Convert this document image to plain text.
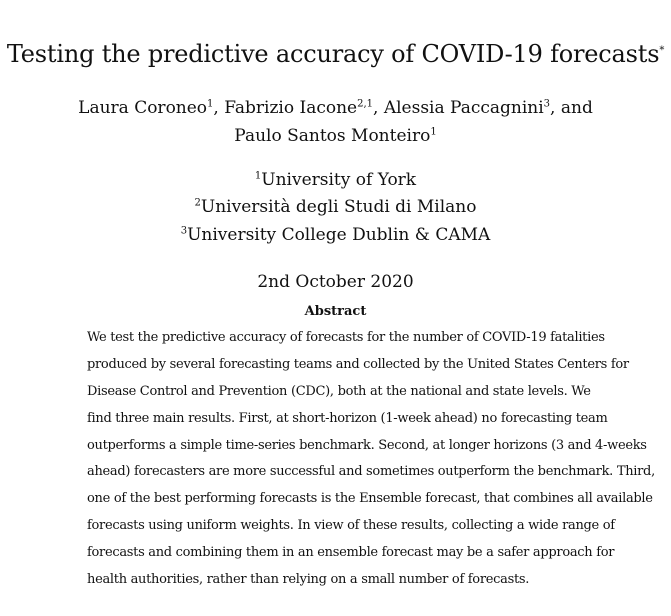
Testing the predictive accuracy of COVID-19 forecasts*
Laura Coroneo$^1$, Fabrizio Iacone$^{2,1}$, Alessia Paccagnini$^3$, and
Paulo Santos Monteiro$^1$
$^1$University of York
$^2$Università degli Studi di Milano
$^3$University College Dublin & CAMA
2nd October 2020
Abstract
We test the predictive accuracy of forecasts for the number of COVID-19 fatalities
produced by several forecasting teams and collected by the United States Centers for
Disease Control and Prevention (CDC), both at the national and state levels. We
find three main results. First, at short-horizon (1-week ahead) no forecasting team
outperforms a simple time-series benchmark. Second, at longer horizons (3 and 4-weeks
ahead) forecasters are more successful and sometimes outperform the benchmark. Third,
one of the best performing forecasts is the Ensemble forecast, that combines all available
forecasts using uniform weights. In view of these results, collecting a wide range of
forecasts and combining them in an ensemble forecast may be a safer approach for
health authorities, rather than relying on a small number of forecasts.
